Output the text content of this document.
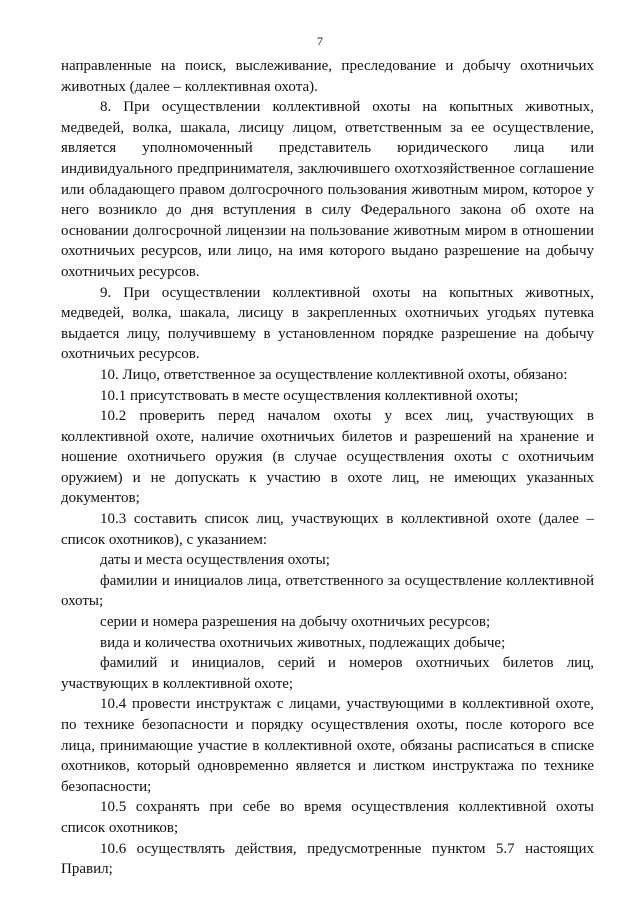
7

направленные на поиск, выслеживание, преследование и добычу охотничьих животных (далее – коллективная охота).

8. При осуществлении коллективной охоты на копытных животных, медведей, волка, шакала, лисицу лицом, ответственным за ее осуществление, является уполномоченный представитель юридического лица или индивидуального предпринимателя, заключившего охотхозяйственное соглашение или обладающего правом долгосрочного пользования животным миром, которое у него возникло до дня вступления в силу Федерального закона об охоте на основании долгосрочной лицензии на пользование животным миром в отношении охотничьих ресурсов, или лицо, на имя которого выдано разрешение на добычу охотничьих ресурсов.

9. При осуществлении коллективной охоты на копытных животных, медведей, волка, шакала, лисицу в закрепленных охотничьих угодьях путевка выдается лицу, получившему в установленном порядке разрешение на добычу охотничьих ресурсов.

10. Лицо, ответственное за осуществление коллективной охоты, обязано:

10.1 присутствовать в месте осуществления коллективной охоты;

10.2 проверить перед началом охоты у всех лиц, участвующих в коллективной охоте, наличие охотничьих билетов и разрешений на хранение и ношение охотничьего оружия (в случае осуществления охоты с охотничьим оружием) и не допускать к участию в охоте лиц, не имеющих указанных документов;

10.3 составить список лиц, участвующих в коллективной охоте (далее – список охотников), с указанием:

даты и места осуществления охоты;

фамилии и инициалов лица, ответственного за осуществление коллективной охоты;

серии и номера разрешения на добычу охотничьих ресурсов;

вида и количества охотничьих животных, подлежащих добыче;

фамилий и инициалов, серий и номеров охотничьих билетов лиц, участвующих в коллективной охоте;

10.4 провести инструктаж с лицами, участвующими в коллективной охоте, по технике безопасности и порядку осуществления охоты, после которого все лица, принимающие участие в коллективной охоте, обязаны расписаться в списке охотников, который одновременно является и листком инструктажа по технике безопасности;

10.5 сохранять при себе во время осуществления коллективной охоты список охотников;

10.6 осуществлять действия, предусмотренные пунктом 5.7 настоящих Правил;
